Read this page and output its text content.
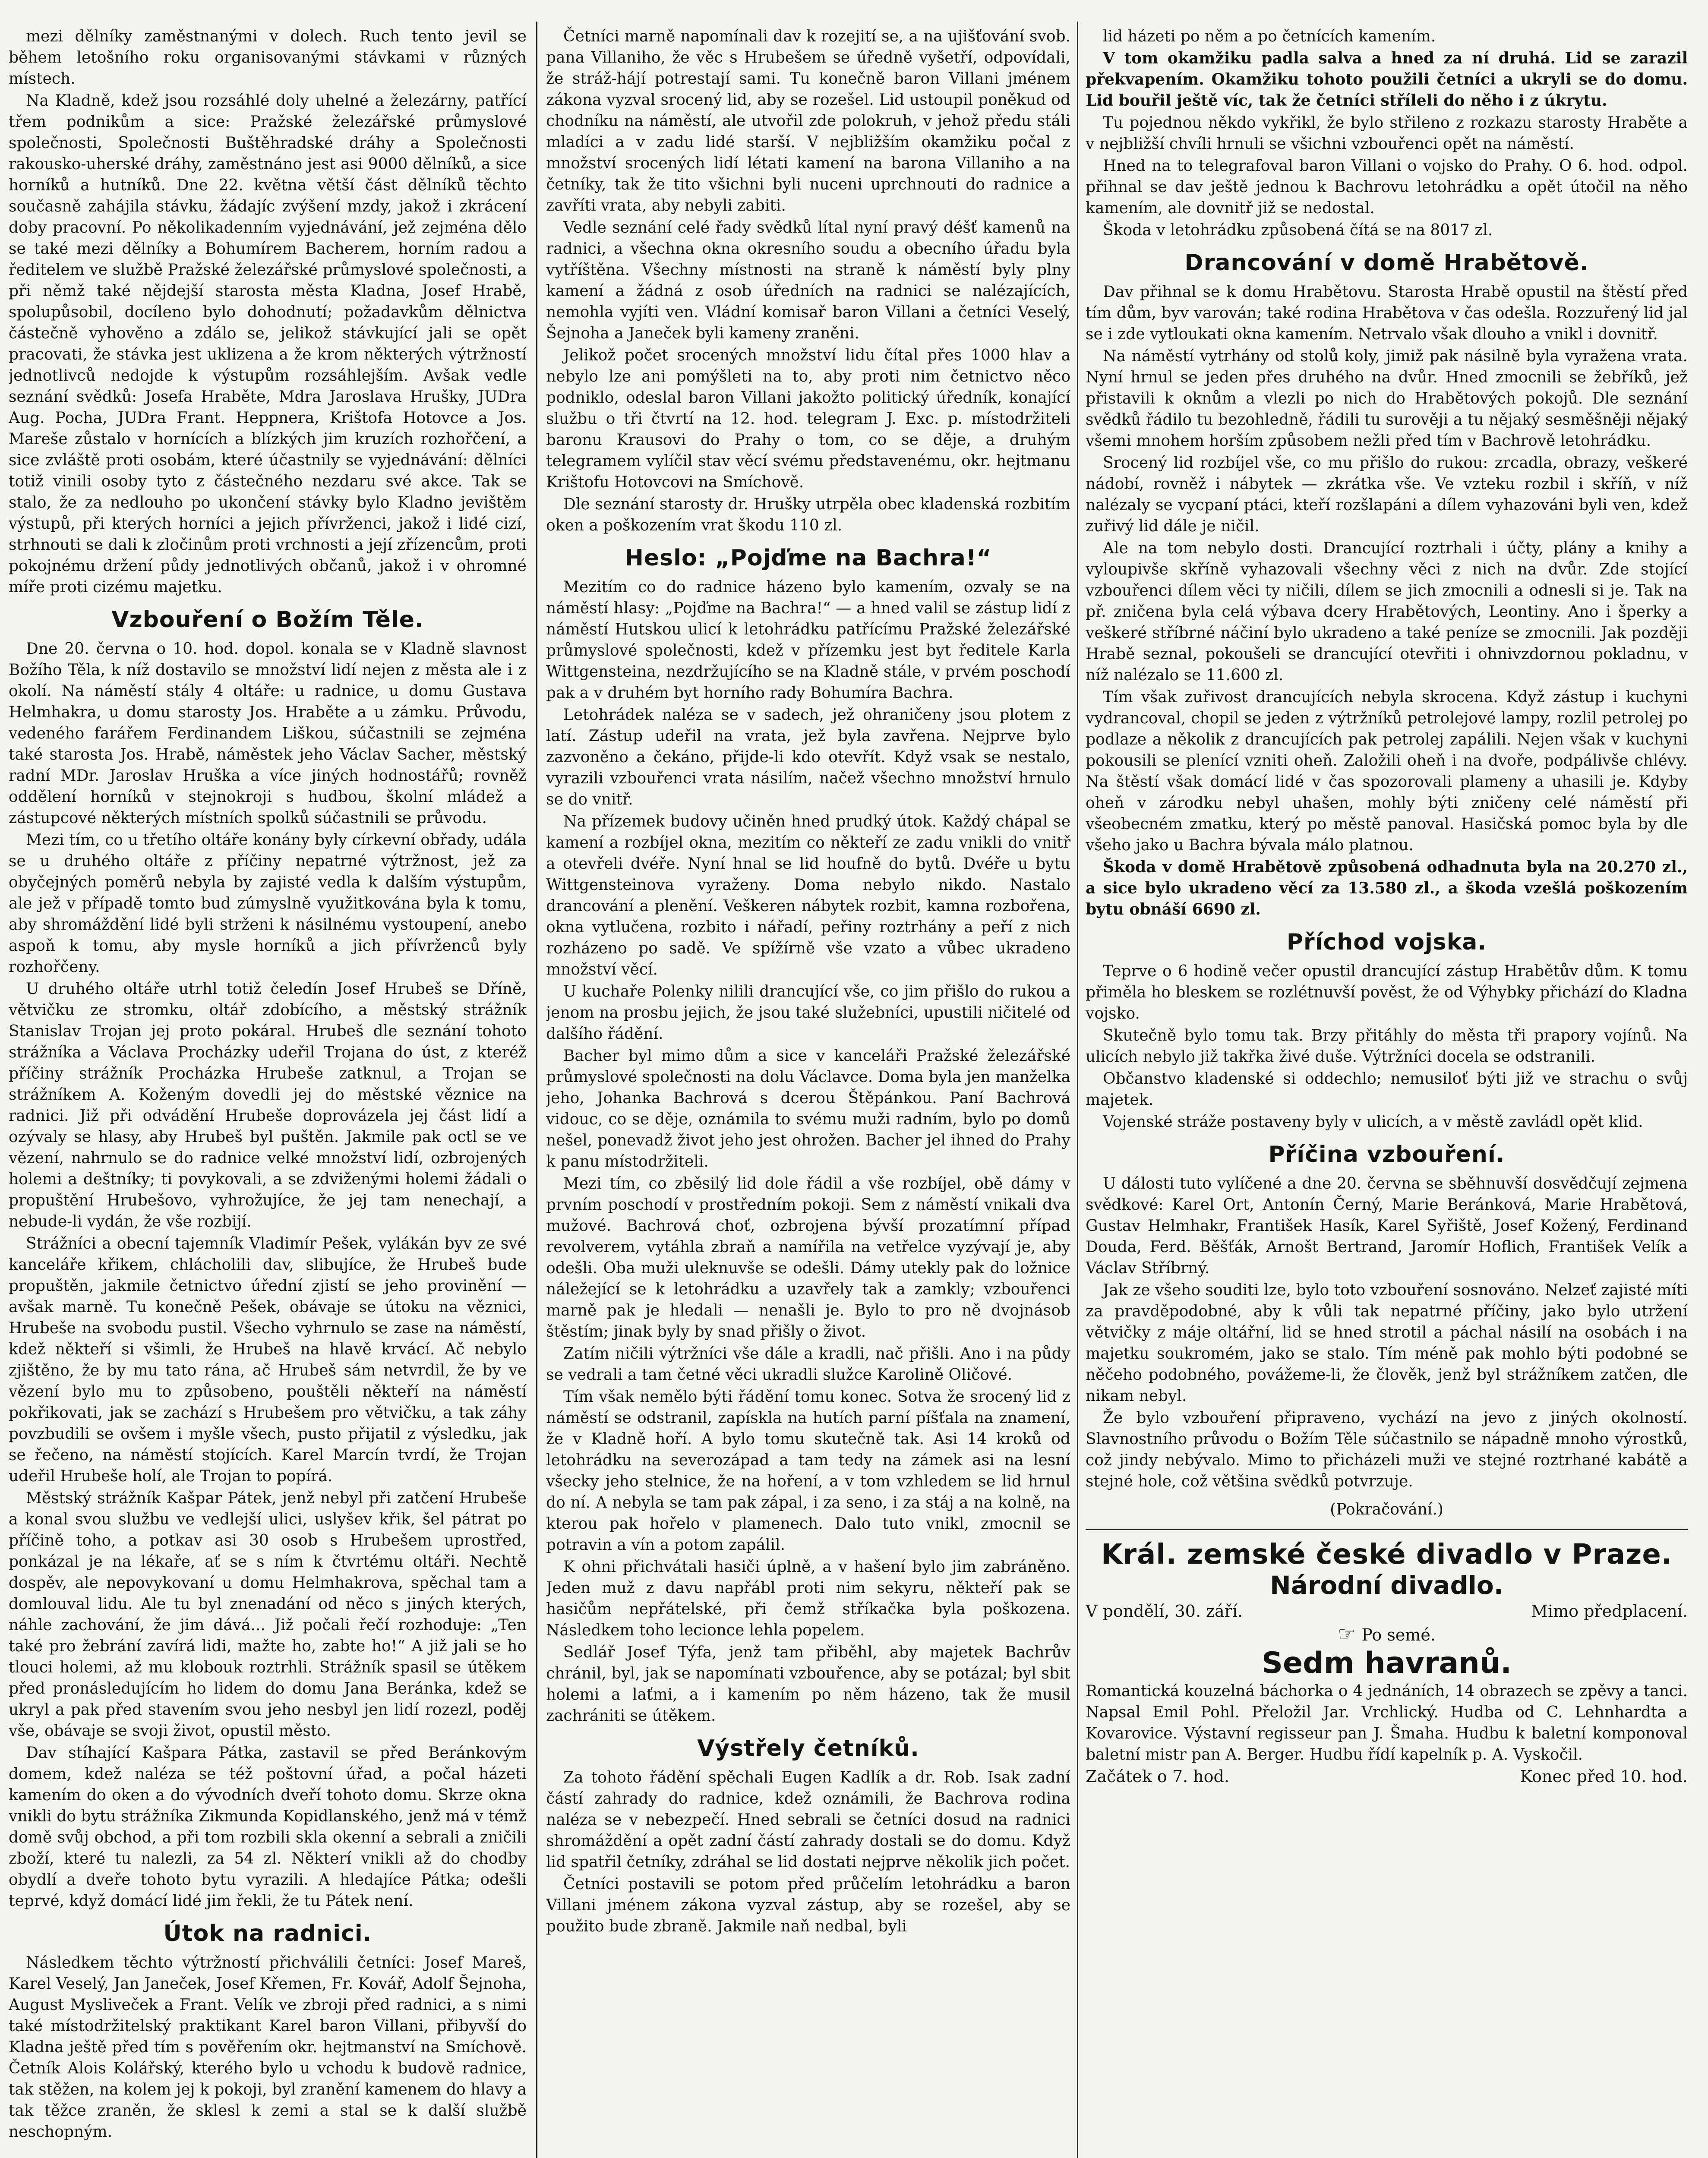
mezi dělníky zaměstnanými v dolech. Ruch tento jevil se během letošního roku organisovanými stávkami v různých místech.

Na Kladně, kdež jsou rozsáhlé doly uhelné a železárny, patřící třem podnikům a sice: Pražské železářské průmyslové společnosti, Společnosti Buštěhradské dráhy a Společnosti rakousko-uherské dráhy, zaměstnáno jest asi 9000 dělníků, a sice horníků a hutníků. Dne 22. května větší část dělníků těchto současně zahájila stávku, žádajíc zvýšení mzdy, jakož i zkrácení doby pracovní. Po několikadenním vyjednávání, jež zejména dělo se také mezi dělníky a Bohumírem Bacherem, horním radou a ředitelem ve službě Pražské železářské průmyslové společnosti, a při němž také nějdejší starosta města Kladna, Josef Hrabě, spolupůsobil, docíleno bylo dohodnutí; požadavkům dělnictva částečně vyhověno a zdálo se, jelikož stávkující jali se opět pracovati, že stávka jest uklizena a že krom některých výtržností jednotlivců nedojde k výstupům rozsáhlejším. Avšak vedle seznání svědků: Josefa Hraběte, Mdra Jaroslava Hrušky, JUDra Aug. Pocha, JUDra Frant. Heppnera, Krištofa Hotovce a Jos. Mareše zůstalo v hornících a blízkých jim kruzích rozhořčení, a sice zvláště proti osobám, které účastnily se vyjednávání: dělníci totiž vinili osoby tyto z částečného nezdaru své akce. Tak se stalo, že za nedlouho po ukončení stávky bylo Kladno jevištěm výstupů, při kterých horníci a jejich přívrženci, jakož i lidé cizí, strhnouti se dali k zločinům proti vrchnosti a její zřízencům, proti pokojnému držení půdy jednotlivých občanů, jakož i v ohromné míře proti cizému majetku.

Vzbouření o Božím Těle.

Dne 20. června o 10. hod. dopol. konala se v Kladně slavnost Božího Těla, k níž dostavilo se množství lidí nejen z města ale i z okolí. Na náměstí stály 4 oltáře: u radnice, u domu Gustava Helmhakra, u domu starosty Jos. Hraběte a u zámku. Průvodu, vedeného farářem Ferdinandem Liškou, súčastnili se zejména také starosta Jos. Hrabě, náměstek jeho Václav Sacher, městský radní MDr. Jaroslav Hruška a více jiných hodnostářů; rovněž oddělení horníků v stejnokroji s hudbou, školní mládež a zástupcové některých místních spolků súčastnili se průvodu.

Mezi tím, co u třetího oltáře konány byly církevní obřady, udála se u druhého oltáře z příčiny nepatrné výtržnost, jež za obyčejných poměrů nebyla by zajisté vedla k dalším výstupům, ale jež v případě tomto bud zúmyslně využitkována byla k tomu, aby shromáždění lidé byli strženi k násilnému vystoupení, anebo aspoň k tomu, aby mysle horníků a jich přívrženců byly rozhořčeny.

U druhého oltáře utrhl totiž čeledín Josef Hrubeš se Dříně, větvičku ze stromku, oltář zdobícího, a městský strážník Stanislav Trojan jej proto pokáral. Hrubeš dle seznání tohoto strážníka a Václava Procházky udeřil Trojana do úst, z kteréž příčiny strážník Procházka Hrubeše zatknul, a Trojan se strážníkem A. Koženým dovedli jej do městské věznice na radnici. Již při odvádění Hrubeše doprovázela jej část lidí a ozývaly se hlasy, aby Hrubeš byl puštěn. Jakmile pak octl se ve vězení, nahrnulo se do radnice velké množství lidí, ozbrojených holemi a deštníky; ti povykovali, a se zdviženými holemi žádali o propuštění Hrubešovo, vyhrožujíce, že jej tam nenechají, a nebude-li vydán, že vše rozbijí.

Strážníci a obecní tajemník Vladimír Pešek, vylákán byv ze své kanceláře křikem, chlácholili dav, slibujíce, že Hrubeš bude propuštěn, jakmile četnictvo úřední zjistí se jeho provinění — avšak marně. Tu konečně Pešek, obávaje se útoku na věznici, Hrubeše na svobodu pustil. Všecho vyhrnulo se zase na náměstí, kdež někteří si všimli, že Hrubeš na hlavě krvácí. Ač nebylo zjištěno, že by mu tato rána, ač Hrubeš sám netvrdil, že by ve vězení bylo mu to způsobeno, pouštěli někteří na náměstí pokřikovati, jak se zachází s Hrubešem pro větvičku, a tak záhy povzbudili se ovšem i myšle všech, pusto přijatil z výsledku, jak se řečeno, na náměstí stojících. Karel Marcín tvrdí, že Trojan udeřil Hrubeše holí, ale Trojan to popírá.

Městský strážník Kašpar Pátek, jenž nebyl při zatčení Hrubeše a konal svou službu ve vedlejší ulici, uslyšev křik, šel pátrat po příčině toho, a potkav asi 30 osob s Hrubešem uprostřed, ponkázal je na lékaře, ať se s ním k čtvrtému oltáři. Nechtě dospěv, ale nepovykovaní u domu Helmhakrova, spěchal tam a domlouval lidu. Ale tu byl znenadání od něco s jiných kterých, náhle zachování, že jim dává... Již počali řečí rozhoduje: „Ten také pro žebrání zavírá lidi, mažte ho, zabte ho!“ A již jali se ho tlouci holemi, až mu klobouk roztrhli. Strážník spasil se útěkem před pronásledujícím ho lidem do domu Jana Beránka, kdež se ukryl a pak před stavením svou jeho nesbyl jen lidí rozezl, poděj vše, obávaje se svoji život, opustil město.

Dav stíhající Kašpara Pátka, zastavil se před Beránkovým domem, kdež naléza se též poštovní úřad, a počal házeti kamením do oken a do vývodních dveří tohoto domu. Skrze okna vnikli do bytu strážníka Zikmunda Kopidlanského, jenž má v témž domě svůj obchod, a při tom rozbili skla okenní a sebrali a zničili zboží, které tu nalezli, za 54 zl. Některí vnikli až do chodby obydlí a dveře tohoto bytu vyrazili. A hledajíce Pátka; odešli teprvé, když domácí lidé jim řekli, že tu Pátek není.

Útok na radnici.

Následkem těchto výtržností přichválili četníci: Josef Mareš, Karel Veselý, Jan Janeček, Josef Křemen, Fr. Kovář, Adolf Šejnoha, August Mysliveček a Frant. Velík ve zbroji před radnici, a s nimi také místodržitelský praktikant Karel baron Villani, přibyvší do Kladna ještě před tím s pověřením okr. hejtmanství na Smíchově. Četník Alois Kolářský, kterého bylo u vchodu k budově radnice, tak stěžen, na kolem jej k pokoji, byl zranění kamenem do hlavy a tak těžce zraněn, že sklesl k zemi a stal se k další službě neschopným.

Četníci marně napomínali dav k rozejití se, a na ujišťování svob. pana Villaniho, že věc s Hrubešem se úředně vyšetří, odpovídali, že stráž-hájí potrestají sami. Tu konečně baron Villani jménem zákona vyzval srocený lid, aby se rozešel. Lid ustoupil poněkud od chodníku na náměstí, ale utvořil zde polokruh, v jehož předu stáli mladíci a v zadu lidé starší. V nejbližším okamžiku počal z množství srocených lidí létati kamení na barona Villaniho a na četníky, tak že tito všichni byli nuceni uprchnouti do radnice a zavříti vrata, aby nebyli zabiti.

Vedle seznání celé řady svědků lítal nyní pravý déšť kamenů na radnici, a všechna okna okresního soudu a obecního úřadu byla vytříštěna. Všechny místnosti na straně k náměstí byly plny kamení a žádná z osob úředních na radnici se nalézajících, nemohla vyjíti ven. Vládní komisař baron Villani a četníci Veselý, Šejnoha a Janeček byli kameny zraněni.

Jelikož počet srocených množství lidu čítal přes 1000 hlav a nebylo lze ani pomýšleti na to, aby proti nim četnictvo něco podniklo, odeslal baron Villani jakožto politický úředník, konající službu o tři čtvrtí na 12. hod. telegram J. Exc. p. místodržiteli baronu Krausovi do Prahy o tom, co se děje, a druhým telegramem vylíčil stav věcí svému představenému, okr. hejtmanu Krištofu Hotovcovi na Smíchově.

Dle seznání starosty dr. Hrušky utrpěla obec kladenská rozbitím oken a poškozením vrat škodu 110 zl.

Heslo: „Pojďme na Bachra!“

Mezitím co do radnice házeno bylo kamením, ozvaly se na náměstí hlasy: „Pojďme na Bachra!“ — a hned valil se zástup lidí z náměstí Hutskou ulicí k letohrádku patřícímu Pražské železářské průmyslové společnosti, kdež v přízemku jest byt ředitele Karla Wittgensteina, nezdržujícího se na Kladně stále, v prvém poschodí pak a v druhém byt horního rady Bohumíra Bachra.

Letohrádek naléza se v sadech, jež ohraničeny jsou plotem z latí. Zástup udeřil na vrata, jež byla zavřena. Nejprve bylo zazvoněno a čekáno, přijde-li kdo otevřít. Když vsak se nestalo, vyrazili vzbouřenci vrata násilím, načež všechno množství hrnulo se do vnitř.

Na přízemek budovy učiněn hned prudký útok. Každý chápal se kamení a rozbíjel okna, mezitím co někteří ze zadu vnikli do vnitř a otevřeli dvéře. Nyní hnal se lid houfně do bytů. Dvéře u bytu Wittgensteinova vyraženy. Doma nebylo nikdo. Nastalo drancování a plenění. Veškeren nábytek rozbit, kamna rozbořena, okna vytlučena, rozbito i nářadí, peřiny roztrhány a peří z nich rozházeno po sadě. Ve spížírně vše vzato a vůbec ukradeno množství věcí.

U kuchaře Polenky nilili drancující vše, co jim přišlo do rukou a jenom na prosbu jejich, že jsou také služebníci, upustili ničitelé od dalšího řádění.

Bacher byl mimo dům a sice v kanceláři Pražské železářské průmyslové společnosti na dolu Václavce. Doma byla jen manželka jeho, Johanka Bachrová s dcerou Štěpánkou. Paní Bachrová vidouc, co se děje, oznámila to svému muži radním, bylo po domů nešel, ponevadž život jeho jest ohrožen. Bacher jel ihned do Prahy k panu místodržiteli.

Mezi tím, co zběsilý lid dole řádil a vše rozbíjel, obě dámy v prvním poschodí v prostředním pokoji. Sem z náměstí vnikali dva mužové. Bachrová choť, ozbrojena bývší prozatímní případ revolverem, vytáhla zbraň a namířila na vetřelce vyzývají je, aby odešli. Oba muži uleknuvše se odešli. Dámy utekly pak do ložnice náležející se k letohrádku a uzavřely tak a zamkly; vzbouřenci marně pak je hledali — nenašli je. Bylo to pro ně dvojnásob štěstím; jinak byly by snad přišly o život.

Zatím ničili výtržníci vše dále a kradli, nač přišli. Ano i na půdy se vedrali a tam četné věci ukradli služce Karolině Oličové.

Tím však nemělo býti řádění tomu konec. Sotva že srocený lid z náměstí se odstranil, zapískla na hutích parní píšťala na znamení, že v Kladně hoří. A bylo tomu skutečně tak. Asi 14 kroků od letohrádku na severozápad a tam tedy na zámek asi na lesní všecky jeho stelnice, že na hoření, a v tom vzhledem se lid hrnul do ní. A nebyla se tam pak zápal, i za seno, i za stáj a na kolně, na kterou pak hořelo v plamenech. Dalo tuto vnikl, zmocnil se potravin a vín a potom zapálil.

K ohni přichvátali hasiči úplně, a v hašení bylo jim zabráněno. Jeden muž z davu napřábl proti nim sekyru, někteří pak se hasičům nepřátelské, při čemž stříkačka byla poškozena. Následkem toho lecionce lehla popelem.

Sedlář Josef Týfa, jenž tam přiběhl, aby majetek Bachrův chránil, byl, jak se napomínati vzbouřence, aby se potázal; byl sbit holemi a laťmi, a i kamením po něm házeno, tak že musil zachrániti se útěkem.

Výstřely četníků.

Za tohoto řádění spěchali Eugen Kadlík a dr. Rob. Isak zadní částí zahrady do radnice, kdež oznámili, že Bachrova rodina naléza se v nebezpečí. Hned sebrali se četníci dosud na radnici shromáždění a opět zadní částí zahrady dostali se do domu. Když lid spatřil četníky, zdráhal se lid dostati nejprve několik jich počet.

Četníci postavili se potom před průčelím letohrádku a baron Villani jménem zákona vyzval zástup, aby se rozešel, aby se použito bude zbraně. Jakmile naň nedbal, byli

lid házeti po něm a po četnících kamením.

V tom okamžiku padla salva a hned za ní druhá. Lid se zarazil překvapením. Okamžiku tohoto použili četníci a ukryli se do domu. Lid bouřil ještě víc, tak že četníci stříleli do něho i z úkrytu.

Tu pojednou někdo vykřikl, že bylo střileno z rozkazu starosty Hraběte a v nejbližší chvíli hrnuli se všichni vzbouřenci opět na náměstí.

Hned na to telegrafoval baron Villani o vojsko do Prahy. O 6. hod. odpol. přihnal se dav ještě jednou k Bachrovu letohrádku a opět útočil na něho kamením, ale dovnitř již se nedostal.

Škoda v letohrádku způsobená čítá se na 8017 zl.

Drancování v domě Hrabětově.

Dav přihnal se k domu Hrabětovu. Starosta Hrabě opustil na štěstí před tím dům, byv varován; také rodina Hrabětova v čas odešla. Rozzuřený lid jal se i zde vytloukati okna kamením. Netrvalo však dlouho a vnikl i dovnitř.

Na náměstí vytrhány od stolů koly, jimiž pak násilně byla vyražena vrata. Nyní hrnul se jeden přes druhého na dvůr. Hned zmocnili se žebříků, jež přistavili k oknům a vlezli po nich do Hrabětových pokojů. Dle seznání svědků řádilo tu bezohledně, řádili tu surověji a tu nějaký sesměšněji nějaký všemi mnohem horším způsobem nežli před tím v Bachrově letohrádku.

Srocený lid rozbíjel vše, co mu přišlo do rukou: zrcadla, obrazy, veškeré nádobí, rovněž i nábytek — zkrátka vše. Ve vzteku rozbil i skříň, v níž nalézaly se vycpaní ptáci, kteří rozšlapáni a dílem vyhazováni byli ven, kdež zuřivý lid dále je ničil.

Ale na tom nebylo dosti. Drancující roztrhali i účty, plány a knihy a vyloupivše skříně vyhazovali všechny věci z nich na dvůr. Zde stojící vzbouřenci dílem věci ty ničili, dílem se jich zmocnili a odnesli si je. Tak na př. zničena byla celá výbava dcery Hrabětových, Leontiny. Ano i šperky a veškeré stříbrné náčiní bylo ukradeno a také peníze se zmocnili. Jak později Hrabě seznal, pokoušeli se drancující otevřiti i ohnivzdornou pokladnu, v níž nalézalo se 11.600 zl.

Tím však zuřivost drancujících nebyla skrocena. Když zástup i kuchyni vydrancoval, chopil se jeden z výtržníků petrolejové lampy, rozlil petrolej po podlaze a několik z drancujících pak petrolej zapálili. Nejen však v kuchyni pokousili se plenící vzniti oheň. Založili oheň i na dvoře, podpálivše chlévy. Na štěstí však domácí lidé v čas spozorovali plameny a uhasili je. Kdyby oheň v zárodku nebyl uhašen, mohly býti zničeny celé náměstí při všeobecném zmatku, který po městě panoval. Hasičská pomoc byla by dle všeho jako u Bachra bývala málo platnou.

Škoda v domě Hrabětově způsobená odhadnuta byla na 20.270 zl., a sice bylo ukradeno věcí za 13.580 zl., a škoda vzešlá poškozením bytu obnáší 6690 zl.

Příchod vojska.

Teprve o 6 hodině večer opustil drancující zástup Hrabětův dům. K tomu přiměla ho bleskem se rozlétnuvší pověst, že od Výhybky přichází do Kladna vojsko.

Skutečně bylo tomu tak. Brzy přitáhly do města tři prapory vojínů. Na ulicích nebylo již takřka živé duše. Výtržníci docela se odstranili.

Občanstvo kladenské si oddechlo; nemusiloť býti již ve strachu o svůj majetek.

Vojenské stráže postaveny byly v ulicích, a v městě zavládl opět klid.

Příčina vzbouření.

U dálosti tuto vylíčené a dne 20. června se sběhnuvší dosvědčují zejmena svědkové: Karel Ort, Antonín Černý, Marie Beránková, Marie Hrabětová, Gustav Helmhakr, František Hasík, Karel Syřiště, Josef Kožený, Ferdinand Douda, Ferd. Běšťák, Arnošt Bertrand, Jaromír Hoflich, František Velík a Václav Stříbrný.

Jak ze všeho souditi lze, bylo toto vzbouření sosnováno. Nelzeť zajisté míti za pravděpodobné, aby k vůli tak nepatrné příčiny, jako bylo utržení větvičky z máje oltářní, lid se hned strotil a páchal násilí na osobách i na majetku soukromém, jako se stalo. Tím méně pak mohlo býti podobné se něčeho podobného, povážeme-li, že člověk, jenž byl strážníkem zatčen, dle nikam nebyl.

Že bylo vzbouření připraveno, vychází na jevo z jiných okolností. Slavnostního průvodu o Božím Těle súčastnilo se nápadně mnoho výrostků, což jindy nebývalo. Mimo to přicházeli muži ve stejné roztrhané kabátě a stejné hole, což většina svědků potvrzuje.

(Pokračování.)
Král. zemské české divadlo v Praze.
Národní divadlo.
V pondělí, 30. září.	Mimo předplacení.
☞ Po semé.
Sedm havranů.
Romantická kouzelná báchorka o 4 jednáních, 14 obrazech se zpěvy a tanci. Napsal Emil Pohl. Přeložil Jar. Vrchlický. Hudba od C. Lehnhardta a Kovarovice. Výstavní regisseur pan J. Šmaha. Hudbu k baletní komponoval baletní mistr pan A. Berger. Hudbu řídí kapelník p. A. Vyskočil.
Začátek o 7. hod.	Konec před 10. hod.
